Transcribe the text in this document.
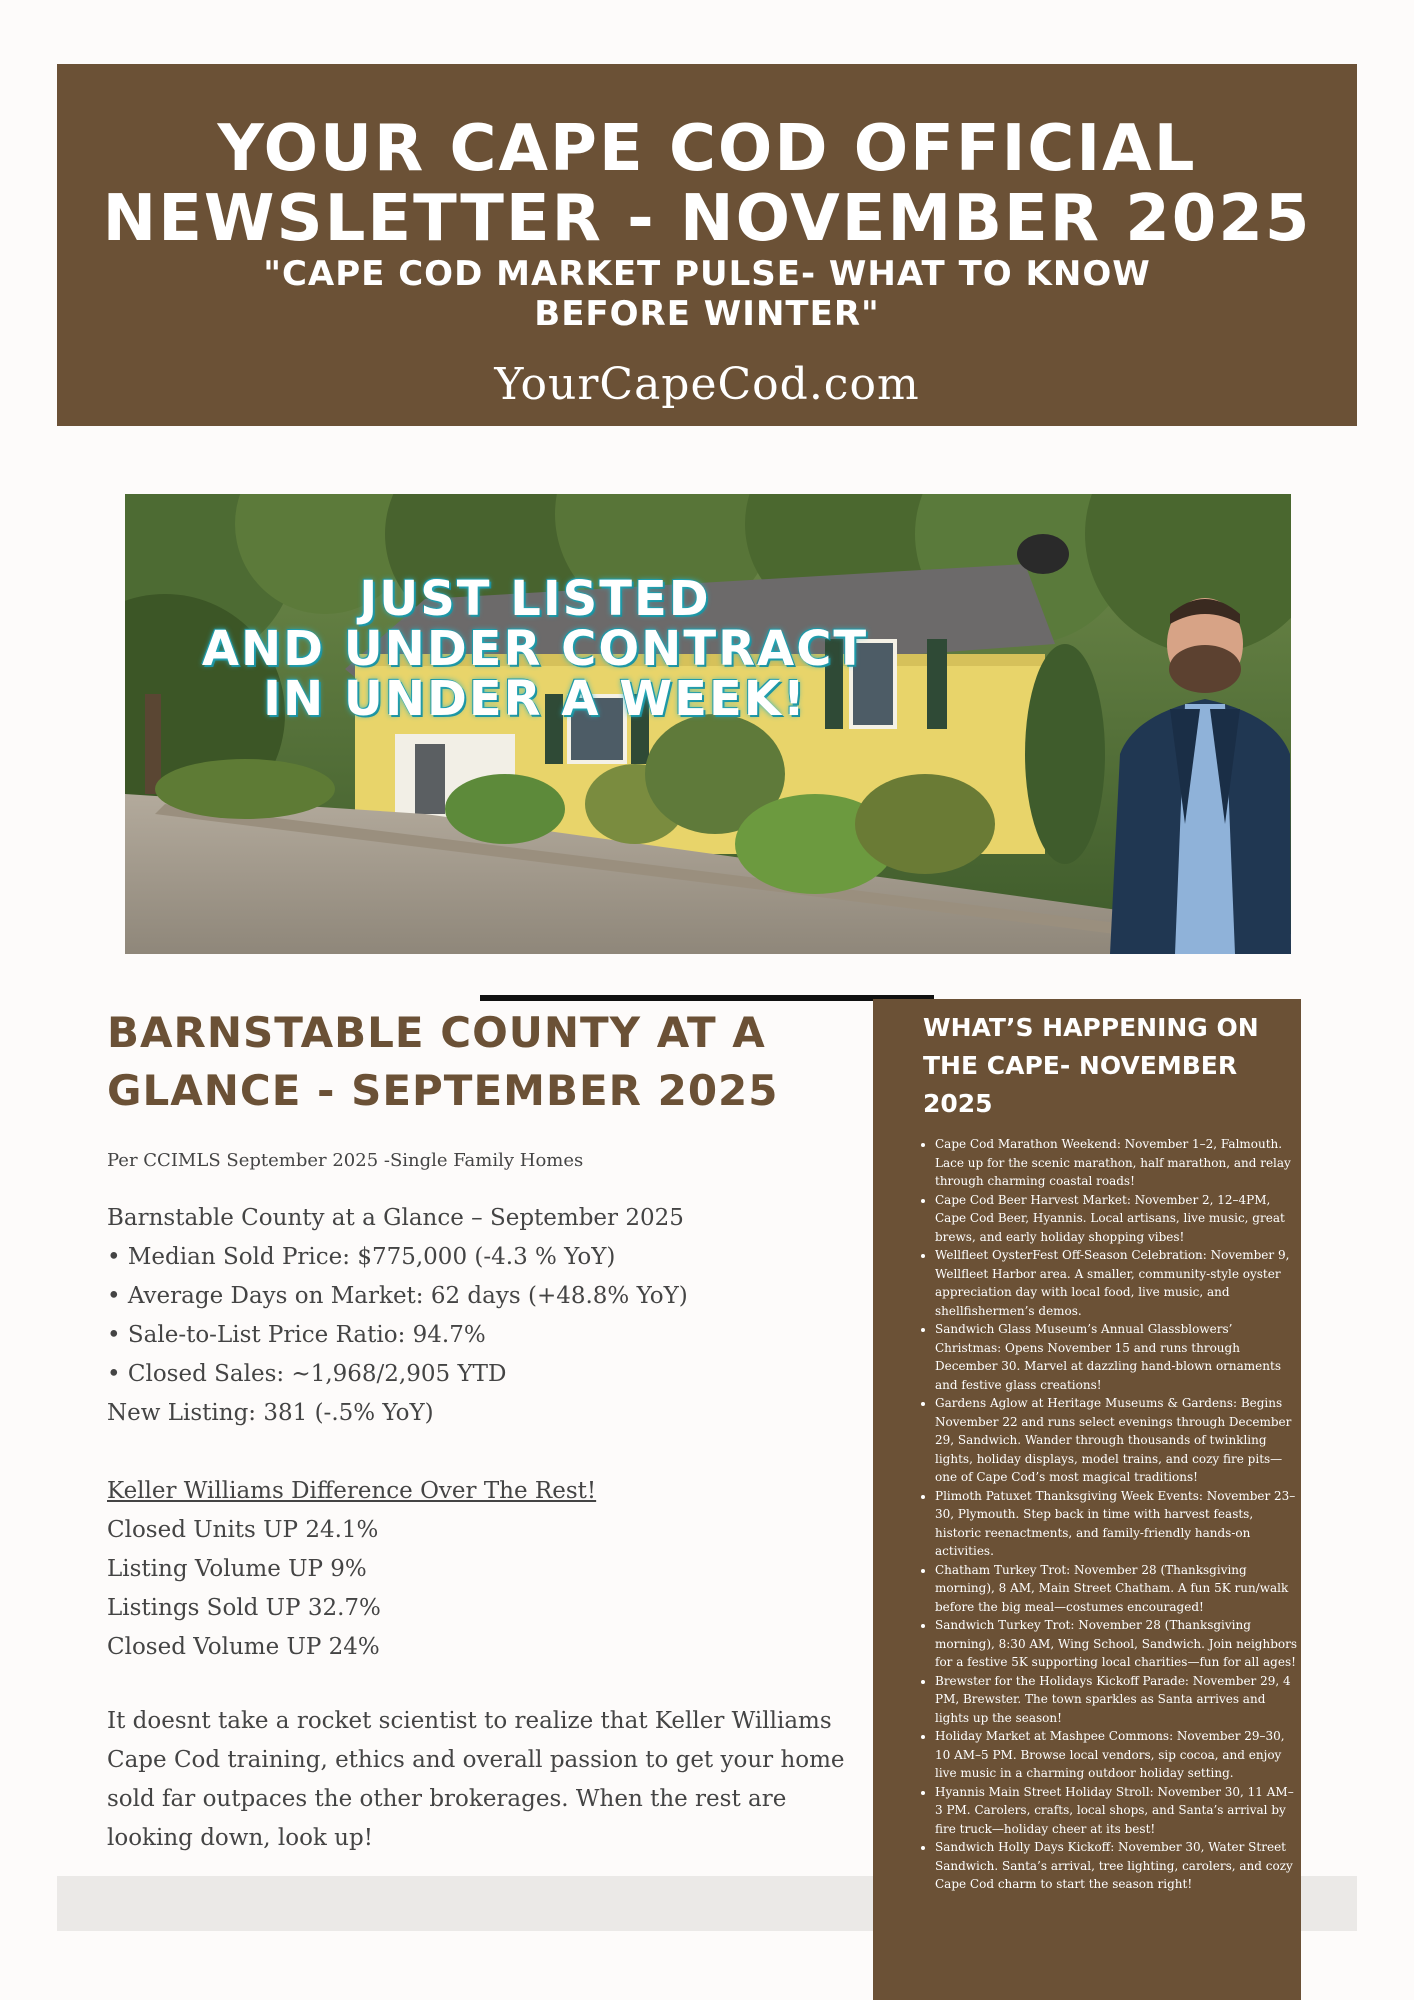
YOUR CAPE COD OFFICIAL NEWSLETTER - NOVEMBER 2025
"CAPE COD MARKET PULSE- WHAT TO KNOW BEFORE WINTER"
YourCapeCod.com
JUST LISTED
AND UNDER CONTRACT
IN UNDER A WEEK!
BARNSTABLE COUNTY AT A GLANCE - SEPTEMBER 2025
Per CCIMLS September 2025 -Single Family Homes
Barnstable County at a Glance – September 2025
• Median Sold Price: $775,000 (-4.3 % YoY)
• Average Days on Market: 62 days (+48.8% YoY)
• Sale-to-List Price Ratio: 94.7%
• Closed Sales: ~1,968/2,905 YTD
New Listing: 381 (-.5% YoY)
Keller Williams Difference Over The Rest!
Closed Units UP 24.1%
Listing Volume UP 9%
Listings Sold UP 32.7%
Closed Volume UP 24%
It doesnt take a rocket scientist to realize that Keller Williams Cape Cod training, ethics and overall passion to get your home sold far outpaces the other brokerages. When the rest are looking down, look up!
WHAT’S HAPPENING ON THE CAPE- NOVEMBER 2025
• Cape Cod Marathon Weekend: November 1–2, Falmouth. Lace up for the scenic marathon, half marathon, and relay through charming coastal roads!
• Cape Cod Beer Harvest Market: November 2, 12–4PM, Cape Cod Beer, Hyannis. Local artisans, live music, great brews, and early holiday shopping vibes!
• Wellfleet OysterFest Off-Season Celebration: November 9, Wellfleet Harbor area. A smaller, community-style oyster appreciation day with local food, live music, and shellfishermen’s demos.
• Sandwich Glass Museum’s Annual Glassblowers’ Christmas: Opens November 15 and runs through December 30. Marvel at dazzling hand-blown ornaments and festive glass creations!
• Gardens Aglow at Heritage Museums & Gardens: Begins November 22 and runs select evenings through December 29, Sandwich. Wander through thousands of twinkling lights, holiday displays, model trains, and cozy fire pits—one of Cape Cod’s most magical traditions!
• Plimoth Patuxet Thanksgiving Week Events: November 23–30, Plymouth. Step back in time with harvest feasts, historic reenactments, and family-friendly hands-on activities.
• Chatham Turkey Trot: November 28 (Thanksgiving morning), 8 AM, Main Street Chatham. A fun 5K run/walk before the big meal—costumes encouraged!
• Sandwich Turkey Trot: November 28 (Thanksgiving morning), 8:30 AM, Wing School, Sandwich. Join neighbors for a festive 5K supporting local charities—fun for all ages!
• Brewster for the Holidays Kickoff Parade: November 29, 4 PM, Brewster. The town sparkles as Santa arrives and lights up the season!
• Holiday Market at Mashpee Commons: November 29–30, 10 AM–5 PM. Browse local vendors, sip cocoa, and enjoy live music in a charming outdoor holiday setting.
• Hyannis Main Street Holiday Stroll: November 30, 11 AM–3 PM. Carolers, crafts, local shops, and Santa’s arrival by fire truck—holiday cheer at its best!
• Sandwich Holly Days Kickoff: November 30, Water Street Sandwich. Santa’s arrival, tree lighting, carolers, and cozy Cape Cod charm to start the season right!
